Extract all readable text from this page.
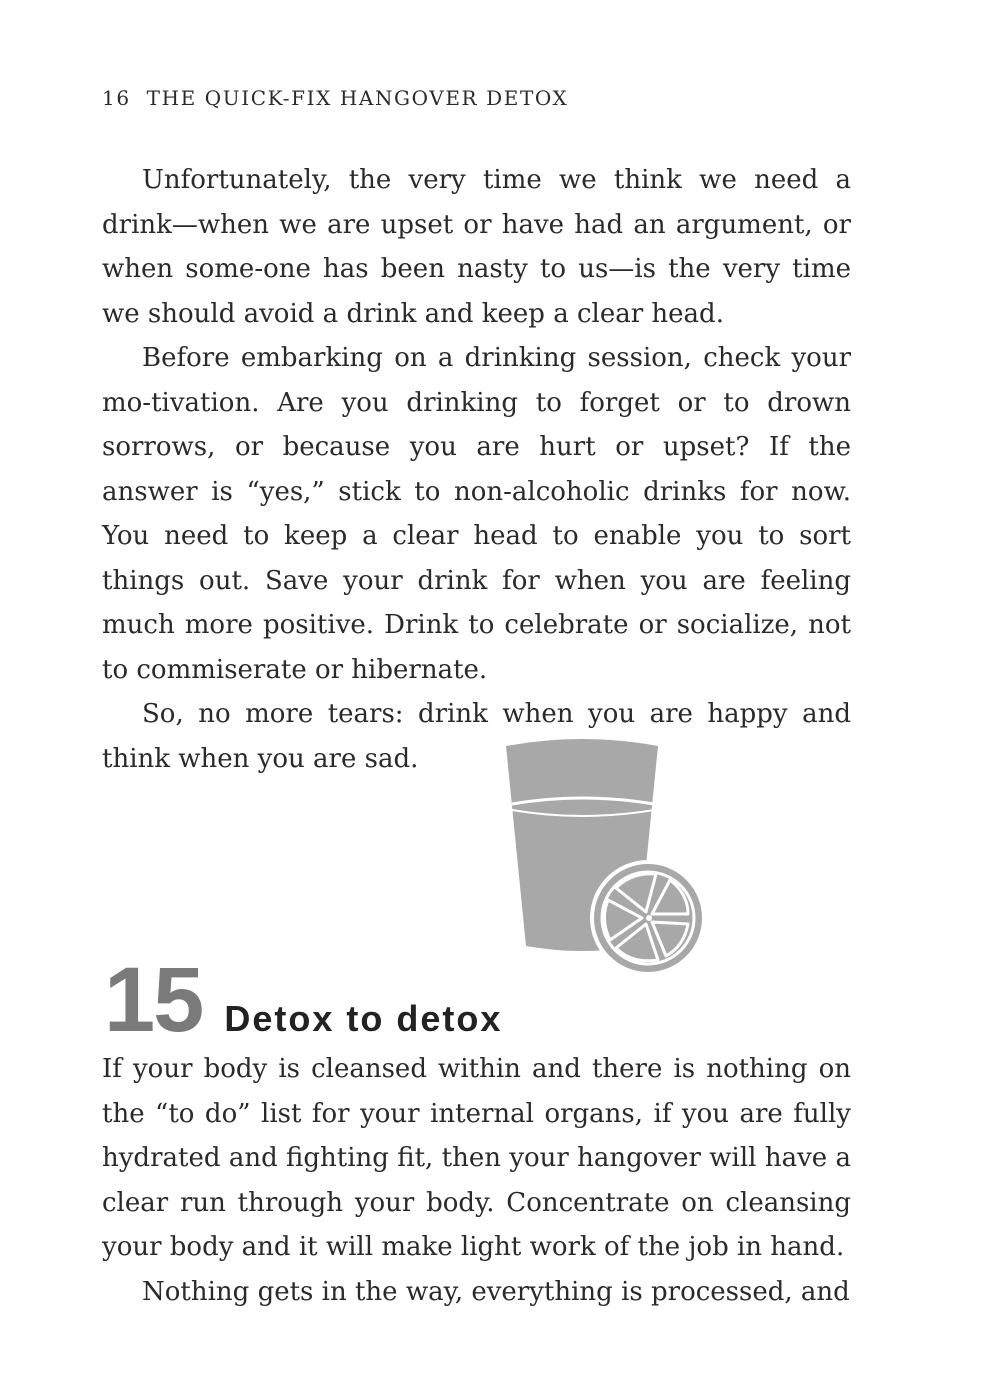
16 THE QUICK-FIX HANGOVER DETOX

Unfortunately, the very time we think we need a drink—when we are upset or have had an argument, or when some-one has been nasty to us—is the very time we should avoid a drink and keep a clear head.

Before embarking on a drinking session, check your mo-tivation. Are you drinking to forget or to drown sorrows, or because you are hurt or upset? If the answer is “yes,” stick to non-alcoholic drinks for now. You need to keep a clear head to enable you to sort things out. Save your drink for when you are feeling much more positive. Drink to celebrate or socialize, not to commiserate or hibernate.

So, no more tears: drink when you are happy and think when you are sad.

15 Detox to detox

If your body is cleansed within and there is nothing on the “to do” list for your internal organs, if you are fully hydrated and fighting fit, then your hangover will have a clear run through your body. Concentrate on cleansing your body and it will make light work of the job in hand.

Nothing gets in the way, everything is processed, and
